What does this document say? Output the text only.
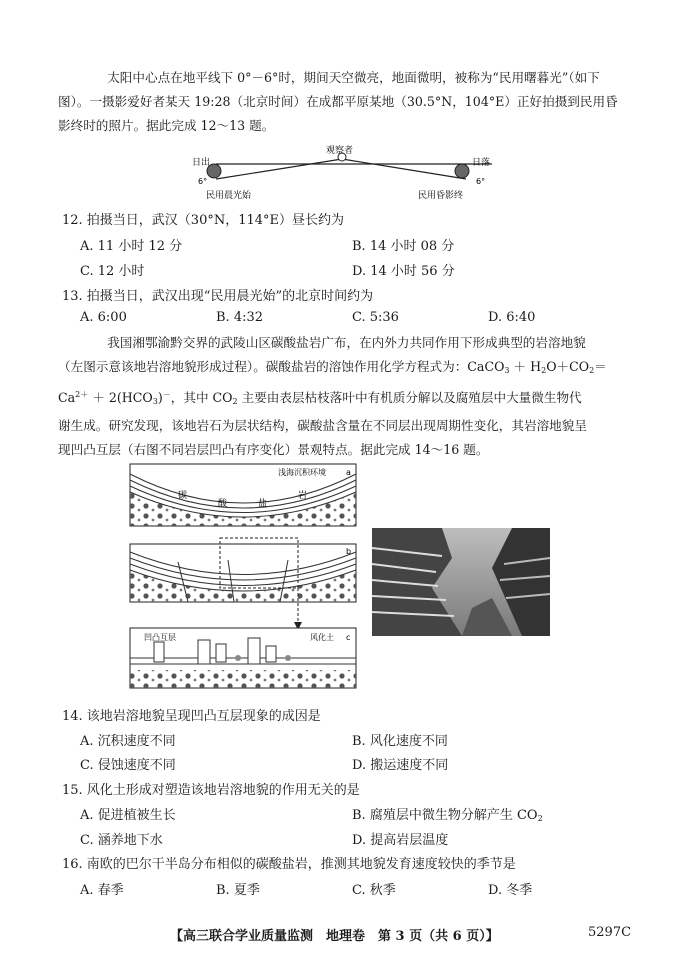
太阳中心点在地平线下 0°－6°时，期间天空微亮，地面微明，被称为“民用曙暮光”（如下
图）。一摄影爱好者某天 19:28（北京时间）在成都平原某地（30.5°N，104°E）正好拍摄到民用昏
影终时的照片。据此完成 12～13 题。
观察者
日出	日落
6°	6°
民用晨光始	民用昏影终
12. 拍摄当日，武汉（30°N，114°E）昼长约为
A. 11 小时 12 分	B. 14 小时 08 分
C. 12 小时	D. 14 小时 56 分
13. 拍摄当日，武汉出现“民用晨光始”的北京时间约为
A. 6:00	B. 4:32	C. 5:36	D. 6:40
我国湘鄂渝黔交界的武陵山区碳酸盐岩广布，在内外力共同作用下形成典型的岩溶地貌
（左图示意该地岩溶地貌形成过程）。碳酸盐岩的溶蚀作用化学方程式为：CaCO$_3$ ＋ $H_2O+CO_2=$
$Ca^{2+} + 2(HCO_3)^-$，其中 $CO_2$ 主要由表层枯枝落叶中有机质分解以及腐殖层中大量微生物代
谢生成。研究发现，该地岩石为层状结构，碳酸盐含量在不同层出现周期性变化，其岩溶地貌呈
现凹凸互层（右图不同岩层凹凸有序变化）景观特点。据此完成 14～16 题。
浅海沉积环境	a
碳
酸	盐
岩
b
凹凸互层	风化土 c
14. 该地岩溶地貌呈现凹凸互层现象的成因是
A. 沉积速度不同	B. 风化速度不同
C. 侵蚀速度不同	D. 搬运速度不同
15. 风化土形成对塑造该地岩溶地貌的作用无关的是
A. 促进植被生长	B. 腐殖层中微生物分解产生 $CO_2$
C. 涵养地下水	D. 提高岩层温度
16. 南欧的巴尔干半岛分布相似的碳酸盐岩，推测其地貌发育速度较快的季节是
A. 春季	B. 夏季	C. 秋季	D. 冬季
【高三联合学业质量监测　地理卷　第 3 页（共 6 页）】	5297C
